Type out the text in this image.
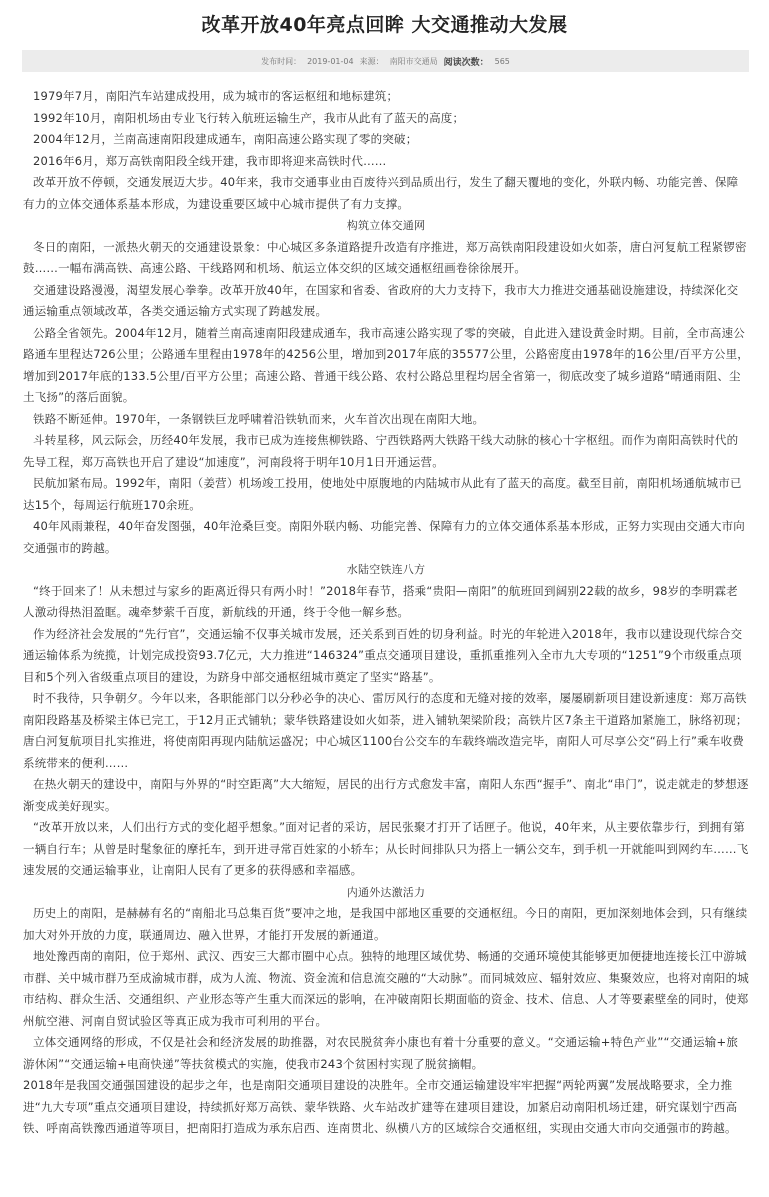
改革开放40年亮点回眸 大交通推动大发展
发布时间： 2019-01-04 来源： 南阳市交通局 阅读次数： 565

1979年7月，南阳汽车站建成投用，成为城市的客运枢纽和地标建筑；

1992年10月，南阳机场由专业飞行转入航班运输生产，我市从此有了蓝天的高度；

2004年12月，兰南高速南阳段建成通车，南阳高速公路实现了零的突破；

2016年6月，郑万高铁南阳段全线开建，我市即将迎来高铁时代……

改革开放不停顿，交通发展迈大步。40年来，我市交通事业由百废待兴到品质出行，发生了翻天覆地的变化，外联内畅、功能完善、保障有力的立体交通体系基本形成，为建设重要区域中心城市提供了有力支撑。

构筑立体交通网

冬日的南阳，一派热火朝天的交通建设景象：中心城区多条道路提升改造有序推进，郑万高铁南阳段建设如火如荼，唐白河复航工程紧锣密鼓……一幅布满高铁、高速公路、干线路网和机场、航运立体交织的区域交通枢纽画卷徐徐展开。

交通建设路漫漫，渴望发展心拳拳。改革开放40年，在国家和省委、省政府的大力支持下，我市大力推进交通基础设施建设，持续深化交通运输重点领域改革，各类交通运输方式实现了跨越发展。

公路全省领先。2004年12月，随着兰南高速南阳段建成通车，我市高速公路实现了零的突破，自此进入建设黄金时期。目前，全市高速公路通车里程达726公里；公路通车里程由1978年的4256公里，增加到2017年底的35577公里，公路密度由1978年的16公里/百平方公里，增加到2017年底的133.5公里/百平方公里；高速公路、普通干线公路、农村公路总里程均居全省第一，彻底改变了城乡道路“晴通雨阻、尘土飞扬”的落后面貌。

铁路不断延伸。1970年，一条钢铁巨龙呼啸着沿铁轨而来，火车首次出现在南阳大地。

斗转星移，风云际会，历经40年发展，我市已成为连接焦柳铁路、宁西铁路两大铁路干线大动脉的核心十字枢纽。而作为南阳高铁时代的先导工程，郑万高铁也开启了建设“加速度”，河南段将于明年10月1日开通运营。

民航加紧布局。1992年，南阳（姜营）机场竣工投用，使地处中原腹地的内陆城市从此有了蓝天的高度。截至目前，南阳机场通航城市已达15个，每周运行航班170余班。

40年风雨兼程，40年奋发图强，40年沧桑巨变。南阳外联内畅、功能完善、保障有力的立体交通体系基本形成，正努力实现由交通大市向交通强市的跨越。

水陆空铁连八方

“终于回来了！从未想过与家乡的距离近得只有两小时！”2018年春节，搭乘“贵阳—南阳”的航班回到阔别22载的故乡，98岁的李明霖老人激动得热泪盈眶。魂牵梦萦千百度，新航线的开通，终于令他一解乡愁。

作为经济社会发展的“先行官”，交通运输不仅事关城市发展，还关系到百姓的切身利益。时光的年轮进入2018年，我市以建设现代综合交通运输体系为统揽，计划完成投资93.7亿元，大力推进“146324”重点交通项目建设，重抓重推列入全市九大专项的“1251”9个市级重点项目和5个列入省级重点项目的建设，为跻身中部交通枢纽城市奠定了坚实“路基”。

时不我待，只争朝夕。今年以来，各职能部门以分秒必争的决心、雷厉风行的态度和无缝对接的效率，屡屡刷新项目建设新速度：郑万高铁南阳段路基及桥梁主体已完工，于12月正式铺轨；蒙华铁路建设如火如荼，进入铺轨架梁阶段；高铁片区7条主干道路加紧施工，脉络初现；唐白河复航项目扎实推进，将使南阳再现内陆航运盛况；中心城区1100台公交车的车载终端改造完毕，南阳人可尽享公交“码上行”乘车收费系统带来的便利……

在热火朝天的建设中，南阳与外界的“时空距离”大大缩短，居民的出行方式愈发丰富，南阳人东西“握手”、南北“串门”，说走就走的梦想逐渐变成美好现实。

“改革开放以来，人们出行方式的变化超乎想象。”面对记者的采访，居民张聚才打开了话匣子。他说，40年来，从主要依靠步行，到拥有第一辆自行车；从曾是时髦象征的摩托车，到开进寻常百姓家的小轿车；从长时间排队只为搭上一辆公交车，到手机一开就能叫到网约车……飞速发展的交通运输事业，让南阳人民有了更多的获得感和幸福感。

内通外达激活力

历史上的南阳，是赫赫有名的“南船北马总集百货”要冲之地，是我国中部地区重要的交通枢纽。今日的南阳，更加深刻地体会到，只有继续加大对外开放的力度，联通周边、融入世界，才能打开发展的新通道。

地处豫西南的南阳，位于郑州、武汉、西安三大都市圈中心点。独特的地理区域优势、畅通的交通环境使其能够更加便捷地连接长江中游城市群、关中城市群乃至成渝城市群，成为人流、物流、资金流和信息流交融的“大动脉”。而同城效应、辐射效应、集聚效应，也将对南阳的城市结构、群众生活、交通组织、产业形态等产生重大而深远的影响，在冲破南阳长期面临的资金、技术、信息、人才等要素壁垒的同时，使郑州航空港、河南自贸试验区等真正成为我市可利用的平台。

立体交通网络的形成，不仅是社会和经济发展的助推器，对农民脱贫奔小康也有着十分重要的意义。“交通运输+特色产业”“交通运输+旅游休闲”“交通运输+电商快递”等扶贫模式的实施，使我市243个贫困村实现了脱贫摘帽。

2018年是我国交通强国建设的起步之年，也是南阳交通项目建设的决胜年。全市交通运输建设牢牢把握“两轮两翼”发展战略要求，全力推进“九大专项”重点交通项目建设，持续抓好郑万高铁、蒙华铁路、火车站改扩建等在建项目建设，加紧启动南阳机场迁建，研究谋划宁西高铁、呼南高铁豫西通道等项目，把南阳打造成为承东启西、连南贯北、纵横八方的区域综合交通枢纽，实现由交通大市向交通强市的跨越。
